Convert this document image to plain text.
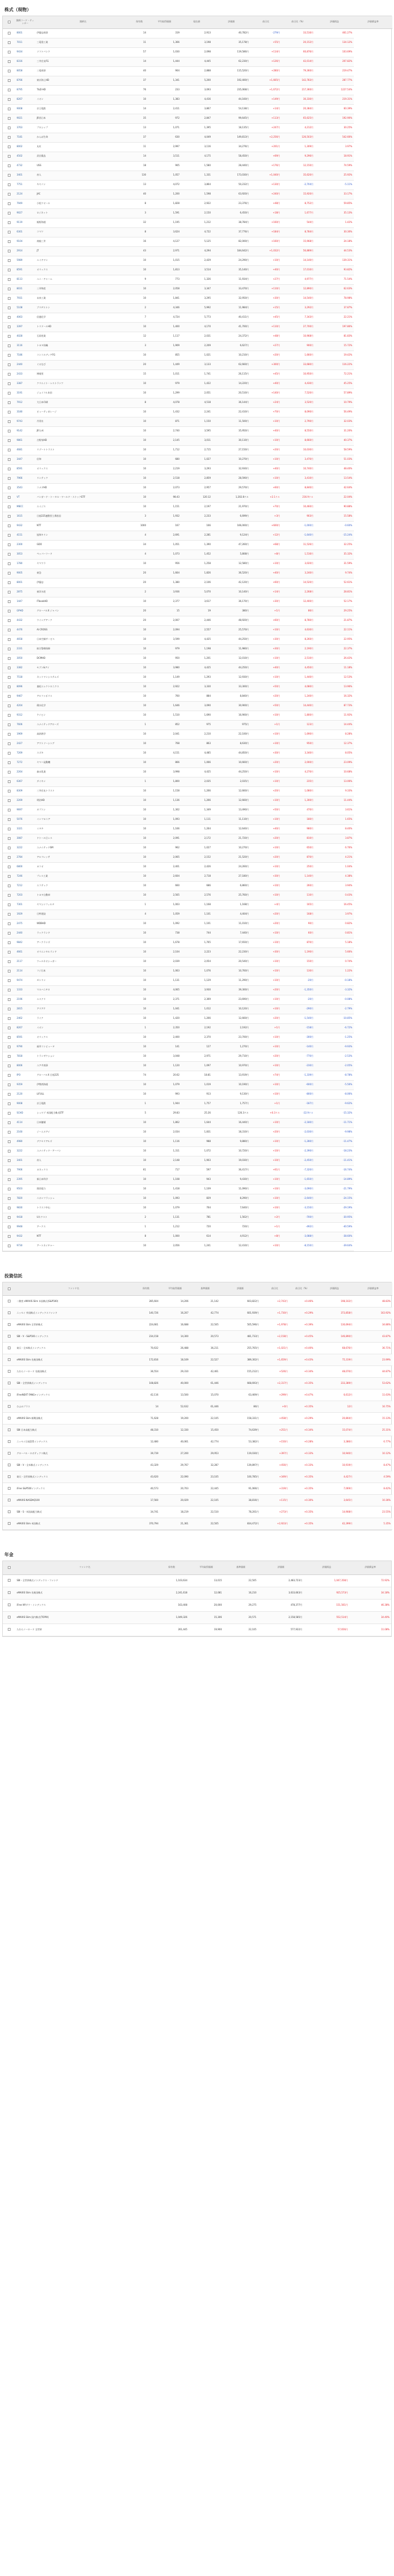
株式（現物）
	銘柄コード・ティッカー	銘柄名	保有数	平均取得価額	現在値	評価額	前日比	前日比（%）	評価損益	評価損益率
	8001	伊藤忠商事	14	319	2,913	40,782円	-279円	33,516円	461.27%	
	7011	三菱重工業	11	1,366	3,198	35,178円	+55円	20,152円	134.12%	
	9434	ソフトバンク	57	1,030	2,098	119,586円	+114円	60,876円	103.69%	
	8316	三井住友FG	14	1,444	4,445	62,230円	+126円	42,014円	207.82%	
	8058	三菱商事	40	904	2,888	115,520円	+280円	79,360円	219.47%	
	8766	東京海上HD	37	1,341	5,200	192,400円	+1,665円	142,783円	287.77%	
	8795	T&D HD	76	233	3,093	235,068円	+1,672円	217,360円	1227.54%	
	8267	イオン	10	1,383	4,416	44,160円	+149円	30,330円	219.31%	
	9008	京王電鉄	14	2,411	3,867	54,138円	+14円	20,384円	60.39%	
	9021	JR西日本	35	972	2,847	99,645円	+113円	65,625円	192.90%	
	3763	プロシップ	13	1,071	1,395	18,135円	+247円	4,212円	30.25%	
	7181	かんぽ生命	37	630	4,049	149,813円	+2,256円	126,503円	542.66%	
	8002	丸紅	11	2,997	3,116	34,276円	+201円	1,309円	3.97%	
	4502	武田薬品	14	3,511	4,175	58,450円	+69円	9,296円	18.91%	
	4732	USS	18	905	1,580	28,440円	+176円	12,150円	74.59%	
	3401	帝人	130	1,057	1,331	173,030円	+1,040円	35,620円	25.92%	
	7751	キヤノン	13	4,072	3,864	50,232円	+130円	-2,704円	-5.11%	
	2124	JAC	40	1,200	1,598	63,920円	+240円	15,920円	33.17%	
	7949	小松ウオール	8	1,828	2,922	23,376円	+48円	8,752円	59.85%	
	9027	ロジネット	3	1,591	2,150	6,450円	+18円	1,677円	35.13%	
	9119	飯野海運	32	1,195	1,212	38,784円	+160円	544円	1.42%	
	6301	コマツ	8	3,624	4,722	37,776円	+184円	8,784円	30.30%	
	9104	商船三井	16	4,127	5,125	82,000円	+160円	15,968円	24.18%	
	2914	JT	43	2,971	4,294	184,642円	+1,032円	56,889円	44.53%	
	5989	エイチワン	10	1,015	2,429	24,290円	+10円	14,140円	139.31%	
	8591	オリックス	10	1,813	3,514	35,140円	+40円	17,010円	93.82%	
	8113	ユニ・チャーム	9	773	1,326	11,934円	+27円	4,977円	71.54%	
	8031	三井物産	10	2,058	3,347	33,470円	+110円	12,890円	62.63%	
	7931	未来工業	10	1,841	3,295	32,950円	+30円	14,540円	78.98%	
	5108	ブリヂストン	2	4,346	5,992	11,984円	+15円	3,292円	37.87%	
	4063	信越化学	7	4,724	5,773	40,411円	+45円	7,343円	22.21%	
	3397	トリドールHD	10	1,400	4,170	41,700円	+110円	27,700円	197.86%	
	4028	石原産業	12	1,117	2,031	24,372円	+48円	10,968円	81.83%	
	3116	トヨタ紡織	3	1,909	2,209	6,627円	+27円	900円	15.72%	
	7186	コンコルディアFG	10	855	1,021	10,210円	+20円	1,660円	19.42%	
	2440	ぐるなび	20	1,449	3,133	62,660円	+300円	33,680円	116.22%	
	2433	博報堂	15	1,011	1,741	26,115円	+45円	10,950円	72.21%	
	3387	クリエイト・レストランツ	10	979	1,422	14,220円	+40円	4,430円	45.25%	
	3191	ジョイフル本田	10	1,299	2,051	20,510円	+140円	7,520円	57.89%	
	7912	大日本印刷	8	4,078	4,518	36,144円	+24円	3,520円	10.79%	
	3180	ビューティガレージ	10	1,432	2,241	22,410円	+70円	8,090円	56.49%	
	9743	丹青社	10	871	1,150	11,500円	+10円	2,790円	32.03%	
	9142	JR九州	10	2,740	3,595	35,950円	+40円	8,550円	31.20%	
	9861	吉野家HD	10	2,145	3,011	30,110円	+10円	8,660円	40.37%	
	4681	リゾートトラスト	10	1,712	2,715	27,150円	+20円	10,030円	58.59%	
	3447	信和	10	680	1,027	10,270円	+10円	3,470円	51.03%	
	8591	オリックス	10	2,219	3,293	32,930円	+40円	10,740円	48.40%	
	7966	リンテック	10	2,518	2,859	28,590円	+10円	3,410円	13.54%	
	3543	コメダHD	10	2,073	2,957	29,570円	+60円	8,840円	42.64%	
	VT	バンガード・トータル・ワールド・ストックETF	10	98.43	120.12	1,202.8ドル	+2.1ドル	216.9ドル	22.04%	
	MBCC	エイジス	10	1,151	2,197	21,970円	+70円	10,460円	90.88%	
	1615	日経225連動型上場投信	3	1,932	2,233	6,699円	+3円	903円	15.58%	
	9432	NTT	1000	167	166	166,000円	+600円	-1,000円	-0.60%	
	4151	協和キリン	4	2,691	2,281	9,124円	+12円	-1,640円	-15.24%	
	2300	GDO	34	1,051	1,390	47,260円	+68円	11,526円	32.25%	
	3053	ペッパーフード	4	1,073	1,452	5,808円	+8円	1,516円	35.32%	
	1780	ヤマウラ	10	956	1,258	12,580円	+10円	3,020円	31.59%	
	9005	東急	20	1,664	1,826	36,520円	+40円	3,240円	9.74%	
	8001	伊藤忠	20	1,380	2,106	42,120円	+60円	14,520円	52.61%	
	2875	東洋水産	2	3,936	5,070	10,140円	+14円	2,268円	28.81%	
	1447	ITbookHD	10	2,377	3,617	36,170円	+30円	12,400円	52.17%	
	GPHD	グローバルX ジャパン	20	15	19	380円	+1円	86円	29.25%	
	4432	ウイングアーク	20	2,007	2,446	48,920円	+60円	8,780円	21.87%	
	4476	AI CROSS	10	2,094	2,557	25,570円	+10円	4,630円	22.11%	
	4658	日本空調サービス	10	3,599	4,425	44,250円	+30円	8,260円	22.95%	
	2331	綜合警備保障	10	979	1,198	11,980円	+30円	2,190円	22.37%	
	3050	DCMHD	10	950	1,201	12,010円	+10円	2,510円	26.42%	
	3382	セブン&アイ	10	3,980	4,425	44,250円	+40円	4,450円	11.18%	
	7518	ネットワンシステムズ	10	1,149	1,293	12,930円	+10円	1,440円	12.53%	
	8096	兼松エレクトロニクス	10	2,922	3,330	33,300円	+50円	4,080円	13.96%	
	9467	アルファポリス	10	760	884	8,840円	+20円	1,240円	16.32%	
	4204	積水化学	10	1,646	3,090	30,900円	+50円	14,440円	87.73%	
	9312	ケイヒン	10	1,510	1,690	16,900円	+10円	1,800円	11.92%	
	7606	ユナイテッドアローズ	1	852	975	975円	+1円	123円	14.44%	
	1969	高砂熱学	10	2,041	2,210	22,100円	+10円	1,690円	8.28%	
	2427	アウトソーシング	10	768	863	8,630円	+10円	950円	12.37%	
	7269	スズキ	10	4,151	4,485	44,850円	+30円	3,340円	8.05%	
	7272	ヤマハ発動機	10	866	1,066	10,660円	+20円	2,000円	23.09%	
	2264	森永乳業	10	3,998	4,425	44,250円	+10円	4,270円	10.68%	
	6367	ダイキン	1	1,800	2,035	2,035円	+10円	235円	13.06%	
	8309	三井住友トラスト	10	1,158	1,266	12,660円	+20円	1,080円	9.33%	
	2269	明治HD	10	1,136	1,266	12,660円	+10円	1,300円	11.44%	
	9697	カプコン	10	1,302	1,349	13,490円	+50円	470円	3.61%	
	5076	インフロニア	10	1,093	1,111	11,110円	+10円	180円	1.65%	
	3321	ミタチ	10	1,166	1,264	12,640円	+40円	980円	8.40%	
	3087	ドトール日レス	10	2,091	2,172	21,720円	+20円	810円	3.87%	
	3222	ユナイテッドSM	10	962	1,027	10,270円	+10円	650円	6.76%	
	2784	アルフレッサ	10	2,065	2,152	21,520円	+20円	870円	4.21%	
	6800	ヨコオ	10	2,401	2,426	24,260円	+10円	250円	1.04%	
	7246	プレス工業	10	2,604	2,718	27,180円	+30円	1,140円	4.38%	
	7212	エフテック	10	660	686	6,860円	+10円	260円	3.94%	
	7203	トヨタ自動車	10	2,565	2,576	25,760円	+10円	110円	0.43%	
	7301	ヤマシンフィルタ	1	1,003	1,168	1,168円	+4円	165円	16.45%	
	1929	日特建設	4	1,059	1,101	4,404円	+20円	168円	3.97%	
	2475	WDBHD	10	1,092	1,101	11,010円	+20円	90円	0.82%	
	2440	ラックランド	10	738	744	7,440円	+10円	60円	0.81%	
	9842	アークランズ	10	1,678	1,765	17,650円	+10円	870円	5.18%	
	4661	オリエンタルランド	10	2,104	2,223	22,230円	+30円	1,190円	5.66%	
	2117	ウェルネオシュガー	10	2,039	2,054	20,540円	+10円	150円	0.74%	
	2114	フジ日本	10	1,063	1,076	10,760円	+10円	130円	1.22%	
	9474	ゼンリン	10	1,131	1,129	11,290円	+10円	-20円	-0.18%	
	1333	マルハニチロ	10	4,065	3,930	39,300円	+20円	-1,350円	-3.32%	
	2196	エスクリ	10	2,371	2,369	23,690円	+10円	-20円	-0.08%	
	2815	アリアケ	10	1,041	1,012	10,120円	+10円	-290円	-2.79%	
	2462	ライク	10	1,420	1,266	12,660円	+20円	-1,540円	-10.85%	
	8267	イオン	1	2,350	2,192	2,192円	+1円	-158円	-6.72%	
	8591	オリックス	10	2,400	2,370	23,700円	+10円	-300円	-1.25%	
	9790	福井コンピュータ	10	141	127	1,270円	+10円	-140円	-9.93%	
	7818	トランザクション	10	3,048	2,971	29,710円	+20円	-770円	-2.53%	
	8006	ユアサ商事	10	1,120	1,097	10,970円	+10円	-230円	-2.05%	
	IPO	グローバルX 日経225	74	20.62	18.81	13,919円	+74円	-1,339円	-8.78%	
	9359	伊勢湾海運	10	1,079	1,019	10,190円	+10円	-600円	-5.56%	
	2120	LIFULL	10	993	913	9,130円	+10円	-800円	-8.06%	
	9008	京王電鉄	1	1,944	1,757	1,757円	+1円	-187円	-9.62%	
	SCHD	シュワブ 米国配当株式ETF	5	29.83	25.26	126.3ドル	+0.3ドル	-22.9ドル	-15.32%	
	4114	日本触媒	10	1,862	1,644	16,440円	+10円	-2,180円	-11.71%	
	2160	ジーエヌアイ	10	2,034	1,831	18,310円	+20円	-2,030円	-9.98%	
	4980	デクセリアルズ	10	1,116	988	9,880円	+10円	-1,280円	-11.47%	
	3222	ユナイテッド・アーバン	10	1,311	1,072	10,720円	+10円	-2,390円	-18.23%	
	3401	帝人	10	2,148	1,903	19,030円	+10円	-2,450円	-11.41%	
	7906	ヨネックス	61	717	597	36,417円	+61円	-7,320円	-16.74%	
	2395	新日本科学	10	1,108	943	9,430円	+10円	-1,650円	-14.89%	
	9503	関西電力	10	1,418	1,109	11,090円	+10円	-3,090円	-21.79%	
	7820	ニホンフラッシュ	10	1,093	829	8,290円	+10円	-2,640円	-24.15%	
	9830	トラスコ中山	10	1,079	764	7,640円	+10円	-3,150円	-29.19%	
	9418	Uネクスト	2	1,131	781	1,562円	+2円	-700円	-30.95%	
	9948	アークス	1	1,212	720	720円	+1円	-492円	-40.59%	
	9432	NTT	8	1,000	614	4,912円	+8円	-3,088円	-38.60%	
	9730	アートネイチャー	10	2,056	1,241	12,410円	+10円	-8,150円	-39.64%	
投資信託
	ファンド名	保有数	平均取得価額	基準価額	評価額	前日比	前日比（%）	評価損益	評価損益率
	二階堂 eMAXIS Slim 米国株式(S&P500)	285,604	14,206	21,142	603,822円	+2,743円	+0.46%	198,102円	48.83%
	ニッセイ 外国株式インデックスファンド	140,726	16,207	42,774	601,939円	+1,730円	+0.29%	373,858円	163.92%
	eMAXIS Slim 全世界株式	224,661	16,688	22,505	505,596円	+1,978円	+0.39%	130,694円	34.86%
	SBI・V・S&P500インデックス	234,158	14,300	20,573	481,733円	+2,158円	+0.45%	146,890円	43.87%
	楽天・全米株式インデックス	70,632	26,488	36,211	255,765円	+1,021円	+0.40%	68,676円	36.71%
	eMAXIS Slim 先進国株式	172,816	18,169	22,527	389,302円	+1,659円	+0.43%	75,319円	23.99%
	たわらノーロード 先進国株式	36,554	29,310	42,461	155,212円	+526円	+0.34%	48,070円	44.87%
	SBI・全世界株式インデックス	108,826	40,000	61,446	668,693円	+2,317円	+0.35%	233,389円	53.62%
	iFreeNEXT FANG+インデックス	42,116	13,500	15,070	63,469円	+299円	+0.47%	6,612円	11.63%
	ひふみプラス	14	52,632	61,446	86円	+0円	+0.35%	12円	16.75%
	eMAXIS Slim 新興国株式	71,628	19,200	22,105	158,331円	+458円	+0.29%	20,804円	15.13%
	SBI 日本高配当株式	48,310	12,330	15,450	74,639円	+251円	+0.34%	15,074円	25.31%
	ニッセイ日経225インデックス	12,480	40,061	42,774	53,382円	+150円	+0.28%	3,386円	6.77%
	グローバル・ロボティクス株式	39,739	27,200	29,953	119,030円	+397円	+0.33%	10,940円	10.12%
	SBI・V・全米株式インデックス	43,329	29,767	32,287	139,897円	+456円	+0.33%	10,919円	8.47%
	楽天・全世界株式インデックス	43,620	22,090	23,105	100,785円	+349円	+0.35%	4,427円	4.59%
	iFree S&P500インデックス	40,573	20,703	22,445	91,066円	+319円	+0.35%	7,069円	8.42%
	eMAXIS NASDAQ100	17,560	20,029	22,105	38,816円	+115円	+0.30%	3,645円	10.36%
	SBI・S・米国高配当株式	34,741	18,219	22,510	78,201円	+273円	+0.35%	14,908円	23.55%
	eMAXIS Slim 米国株式	370,794	21,361	22,505	834,472円	+2,923円	+0.35%	42,399円	5.35%
年金
	ファンド名	保有数	平均取得価額	基準価額	評価額	評価損益	評価損益率
	SBI・全世界株式インデックス・ファンド	1,103,634	13,015	22,505	2,483,723円	1,047,358円	72.92%
	eMAXIS Slim 先進国株式	2,241,618	12,081	16,210	3,633,663円	925,573円	34.18%
	iFree NYダウ・インデックス	163,408	20,000	29,275	478,377円	151,561円	46.38%
	eMAXIS Slim 国内株式(TOPIX)	1,049,326	15,306	20,571	2,158,585円	552,514円	34.40%
	たわらノーロード 全世界	261,445	19,900	22,105	577,922円	57,656円	11.08%
